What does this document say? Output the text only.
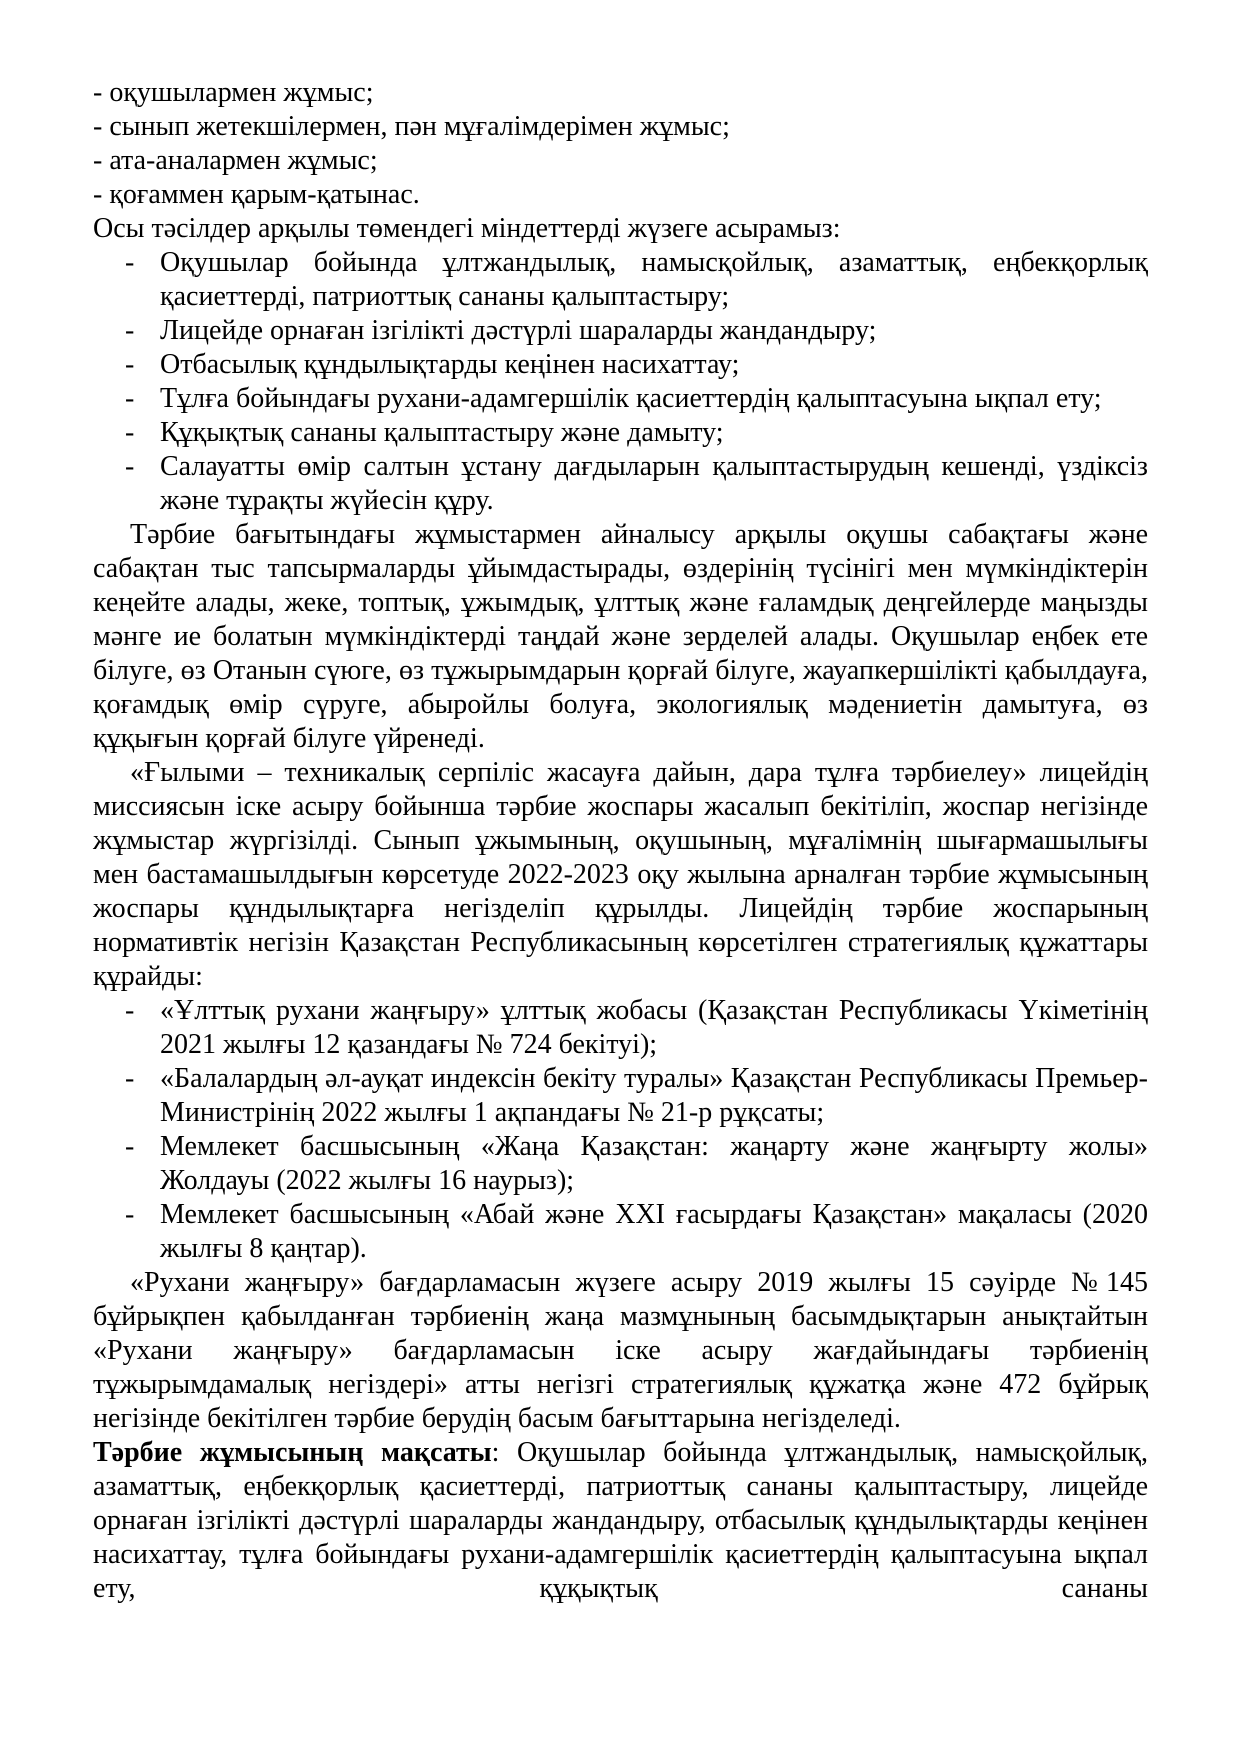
- оқушылармен жұмыс;
- сынып жетекшілермен, пән мұғалімдерімен жұмыс;
- ата-аналармен жұмыс;
- қоғаммен қарым-қатынас.
Осы тәсілдер арқылы төмендегі міндеттерді жүзеге асырамыз:
- Оқушылар бойында ұлтжандылық, намысқойлық, азаматтық, еңбекқорлық қасиеттерді, патриоттық сананы қалыптастыру;
- Лицейде орнаған ізгілікті дәстүрлі шараларды жандандыру;
- Отбасылық құндылықтарды кеңінен насихаттау;
- Тұлға бойындағы рухани-адамгершілік қасиеттердің қалыптасуына ықпал ету;
- Құқықтық сананы қалыптастыру және дамыту;
- Салауатты өмір салтын ұстану дағдыларын қалыптастырудың кешенді, үздіксіз және тұрақты жүйесін құру.

Тәрбие бағытындағы жұмыстармен айналысу арқылы оқушы сабақтағы және сабақтан тыс тапсырмаларды ұйымдастырады, өздерінің түсінігі мен мүмкіндіктерін кеңейте алады, жеке, топтық, ұжымдық, ұлттық және ғаламдық деңгейлерде маңызды мәнге ие болатын мүмкіндіктерді таңдай және зерделей алады. Оқушылар еңбек ете білуге, өз Отанын сүюге, өз тұжырымдарын қорғай білуге, жауапкершілікті қабылдауға, қоғамдық өмір сүруге, абыройлы болуға, экологиялық мәдениетін дамытуға, өз құқығын қорғай білуге үйренеді.

«Ғылыми – техникалық серпіліс жасауға дайын, дара тұлға тәрбиелеу» лицейдің миссиясын іске асыру бойынша тәрбие жоспары жасалып бекітіліп, жоспар негізінде жұмыстар жүргізілді. Сынып ұжымының, оқушының, мұғалімнің шығармашылығы мен бастамашылдығын көрсетуде 2022-2023 оқу жылына арналған тәрбие жұмысының жоспары құндылықтарға негізделіп құрылды. Лицейдің тәрбие жоспарының нормативтік негізін Қазақстан Республикасының көрсетілген стратегиялық құжаттары құрайды:

- «Ұлттық рухани жаңғыру» ұлттық жобасы (Қазақстан Республикасы Үкіметінің 2021 жылғы 12 қазандағы № 724 бекітуі);
- «Балалардың әл-ауқат индексін бекіту туралы» Қазақстан Республикасы Премьер-Министрінің 2022 жылғы 1 ақпандағы № 21-р рұқсаты;
- Мемлекет басшысының «Жаңа Қазақстан: жаңарту және жаңғырту жолы» Жолдауы (2022 жылғы 16 наурыз);
- Мемлекет басшысының «Абай және XXI ғасырдағы Қазақстан» мақаласы (2020 жылғы 8 қаңтар).

«Рухани жаңғыру» бағдарламасын жүзеге асыру 2019 жылғы 15 сәуірде №145 бұйрықпен қабылданған тәрбиенің жаңа мазмұнының басымдықтарын анықтайтын «Рухани жаңғыру» бағдарламасын іске асыру жағдайындағы тәрбиенің тұжырымдамалық негіздері» атты негізгі стратегиялық құжатқа және 472 бұйрық негізінде бекітілген тәрбие берудің басым бағыттарына негізделеді.

Тәрбие жұмысының мақсаты: Оқушылар бойында ұлтжандылық, намысқойлық, азаматтық, еңбекқорлық қасиеттерді, патриоттық сананы қалыптастыру, лицейде орнаған ізгілікті дәстүрлі шараларды жандандыру, отбасылық құндылықтарды кеңінен насихаттау, тұлға бойындағы рухани-адамгершілік қасиеттердің қалыптасуына ықпал ету, құқықтық сананы
